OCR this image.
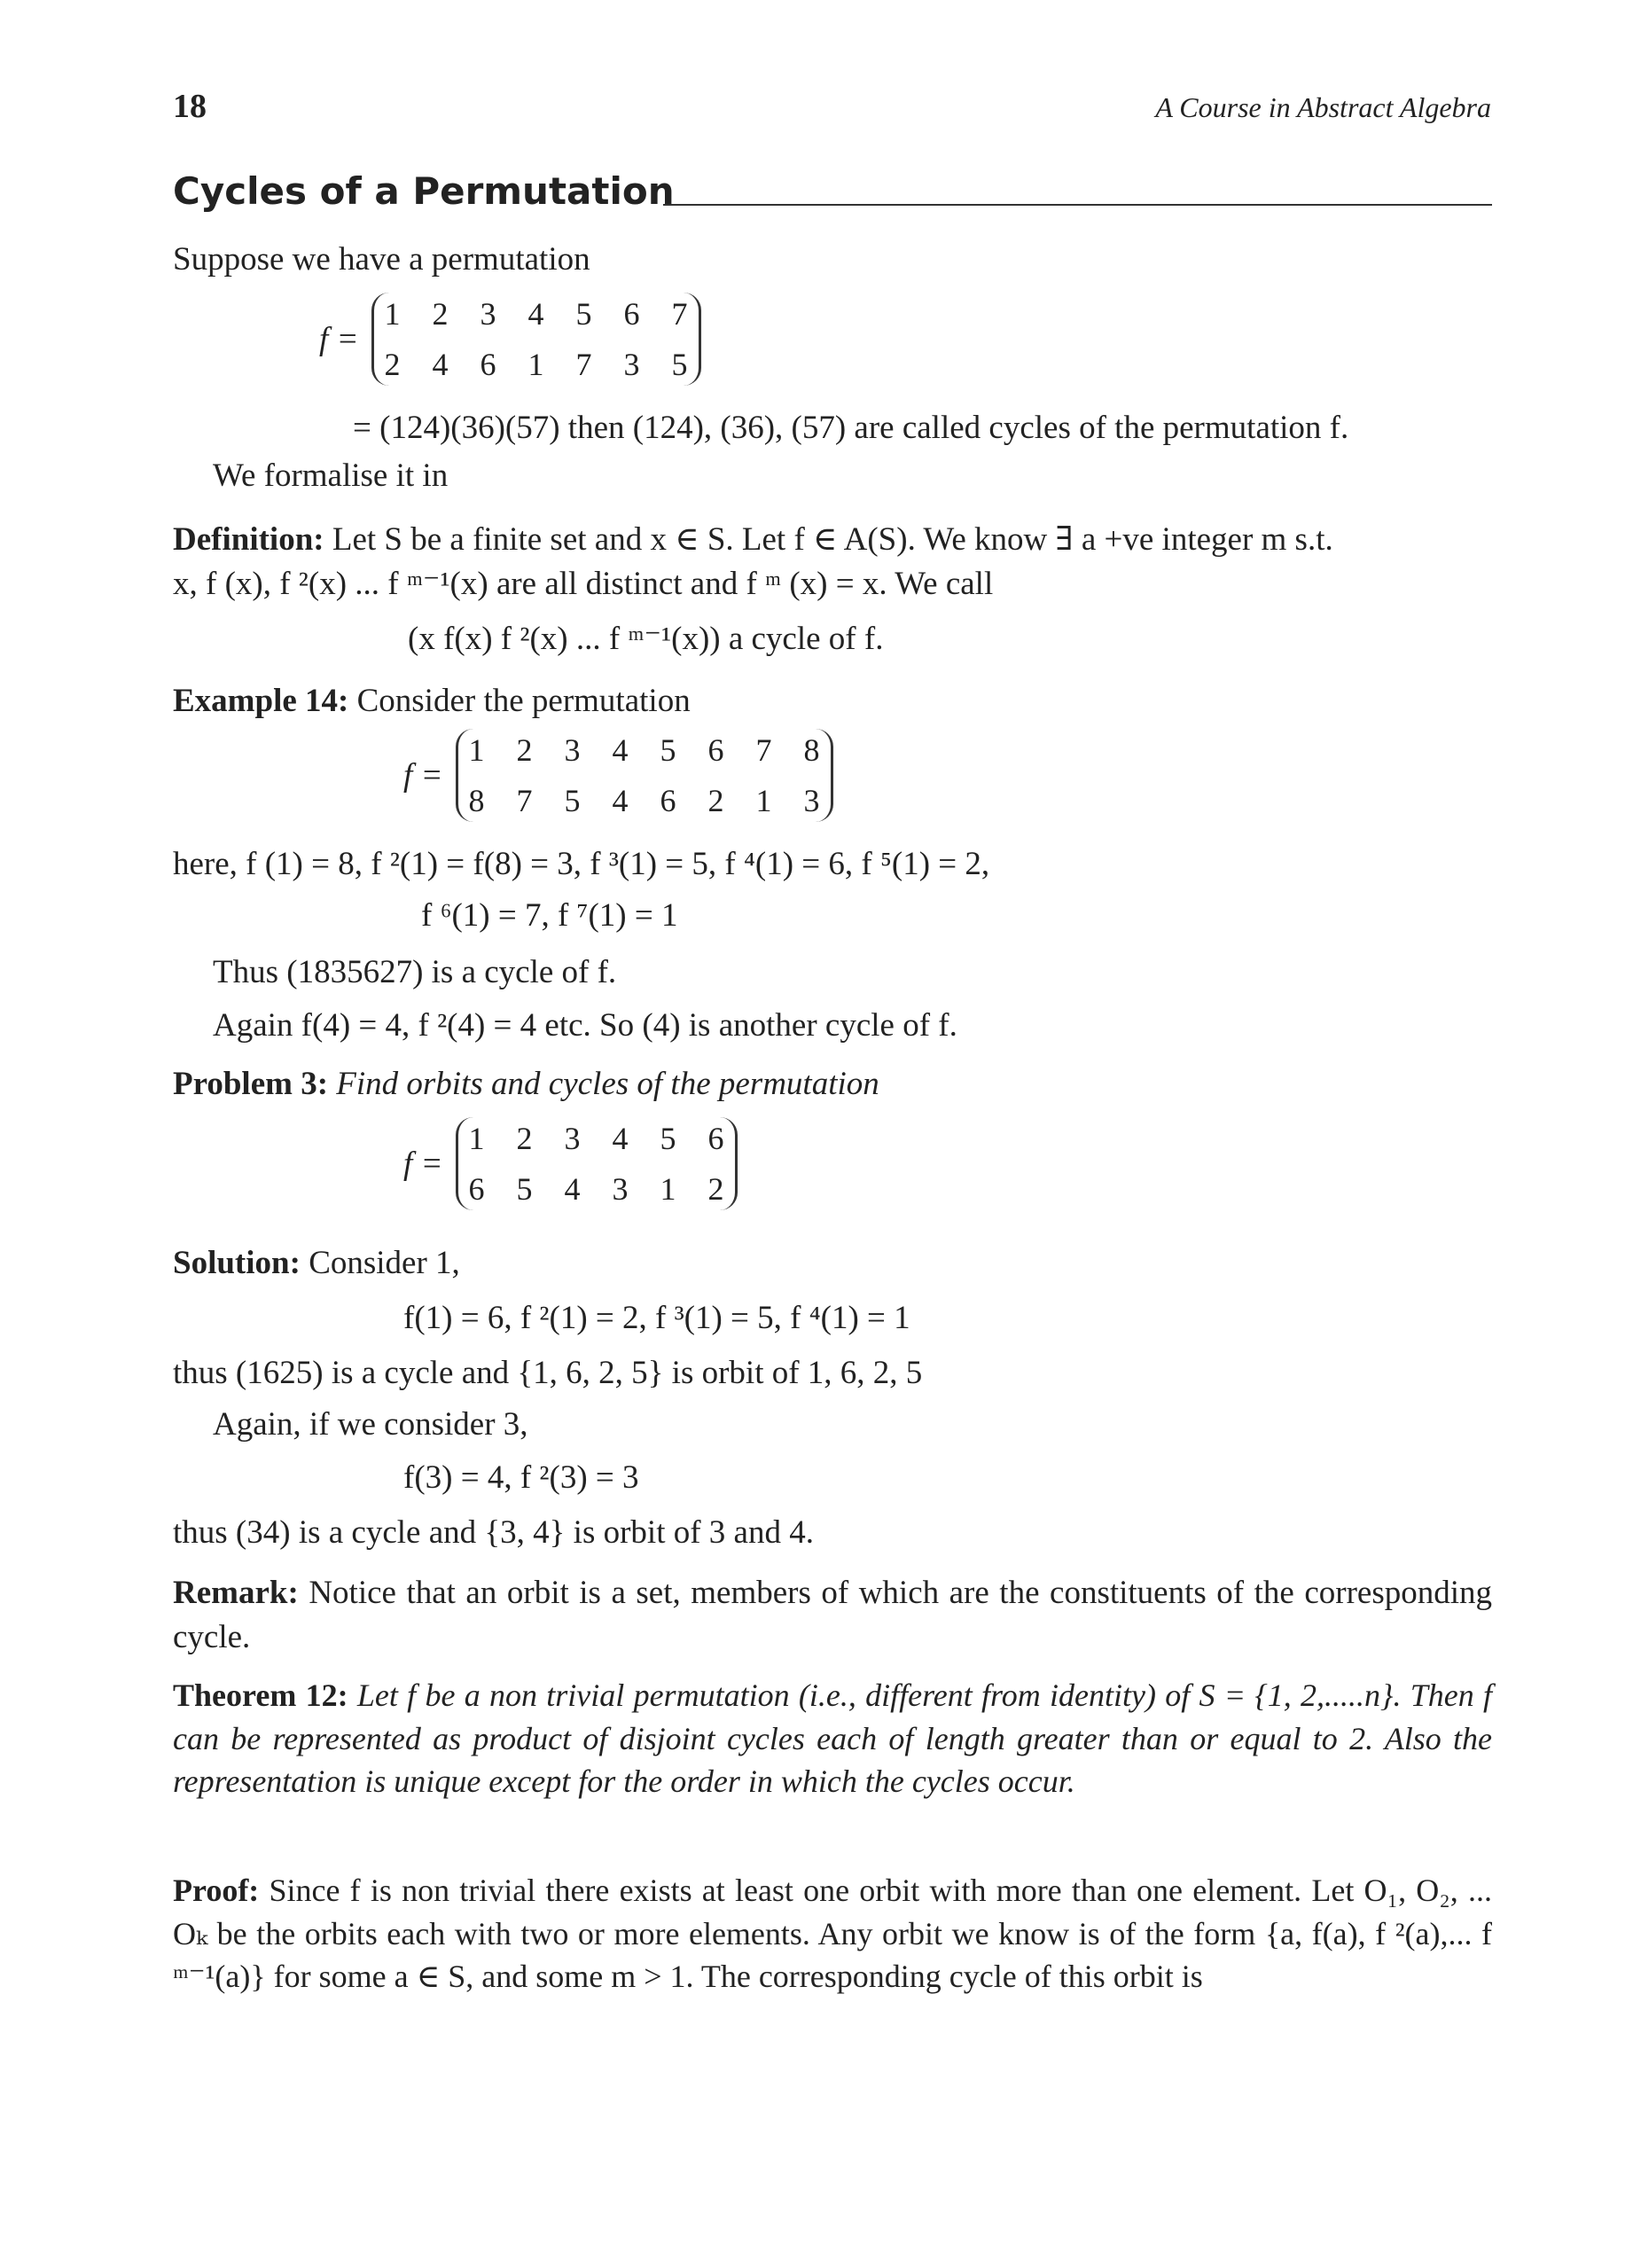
18	A Course in Abstract Algebra
Cycles of a Permutation
Suppose we have a permutation
f =
1 2 3 4 5 6 7
2 4 6 1 7 3 5
= (124)(36)(57) then (124), (36), (57) are called cycles of the permutation f.
We formalise it in
Definition: Let S be a finite set and x ∈ S. Let f ∈ A(S). We know ∃ a +ve integer m s.t.
x, f (x), f ²(x) ... f ᵐ⁻¹(x) are all distinct and f ᵐ (x) = x. We call
(x f(x) f ²(x) ... f ᵐ⁻¹(x)) a cycle of f.
Example 14: Consider the permutation
f =
1 2 3 4 5 6 7 8
8 7 5 4 6 2 1 3
here, f (1) = 8, f ²(1) = f(8) = 3, f ³(1) = 5, f ⁴(1) = 6, f ⁵(1) = 2,
f ⁶(1) = 7, f ⁷(1) = 1
Thus (1835627) is a cycle of f.
Again f(4) = 4, f ²(4) = 4 etc. So (4) is another cycle of f.
Problem 3: Find orbits and cycles of the permutation
f =
1 2 3 4 5 6
6 5 4 3 1 2
Solution: Consider 1,
f(1) = 6, f ²(1) = 2, f ³(1) = 5, f ⁴(1) = 1
thus (1625) is a cycle and {1, 6, 2, 5} is orbit of 1, 6, 2, 5
Again, if we consider 3,
f(3) = 4, f ²(3) = 3
thus (34) is a cycle and {3, 4} is orbit of 3 and 4.
Remark: Notice that an orbit is a set, members of which are the constituents of the corresponding cycle.
Theorem 12: Let f be a non trivial permutation (i.e., different from identity) of S = {1, 2,.....n}. Then f can be represented as product of disjoint cycles each of length greater than or equal to 2. Also the representation is unique except for the order in which the cycles occur.
Proof: Since f is non trivial there exists at least one orbit with more than one element. Let O₁, O₂, ... Oₖ be the orbits each with two or more elements. Any orbit we know is of the form {a, f(a), f ²(a),... f ᵐ⁻¹(a)} for some a ∈ S, and some m > 1. The corresponding cycle of this orbit is
